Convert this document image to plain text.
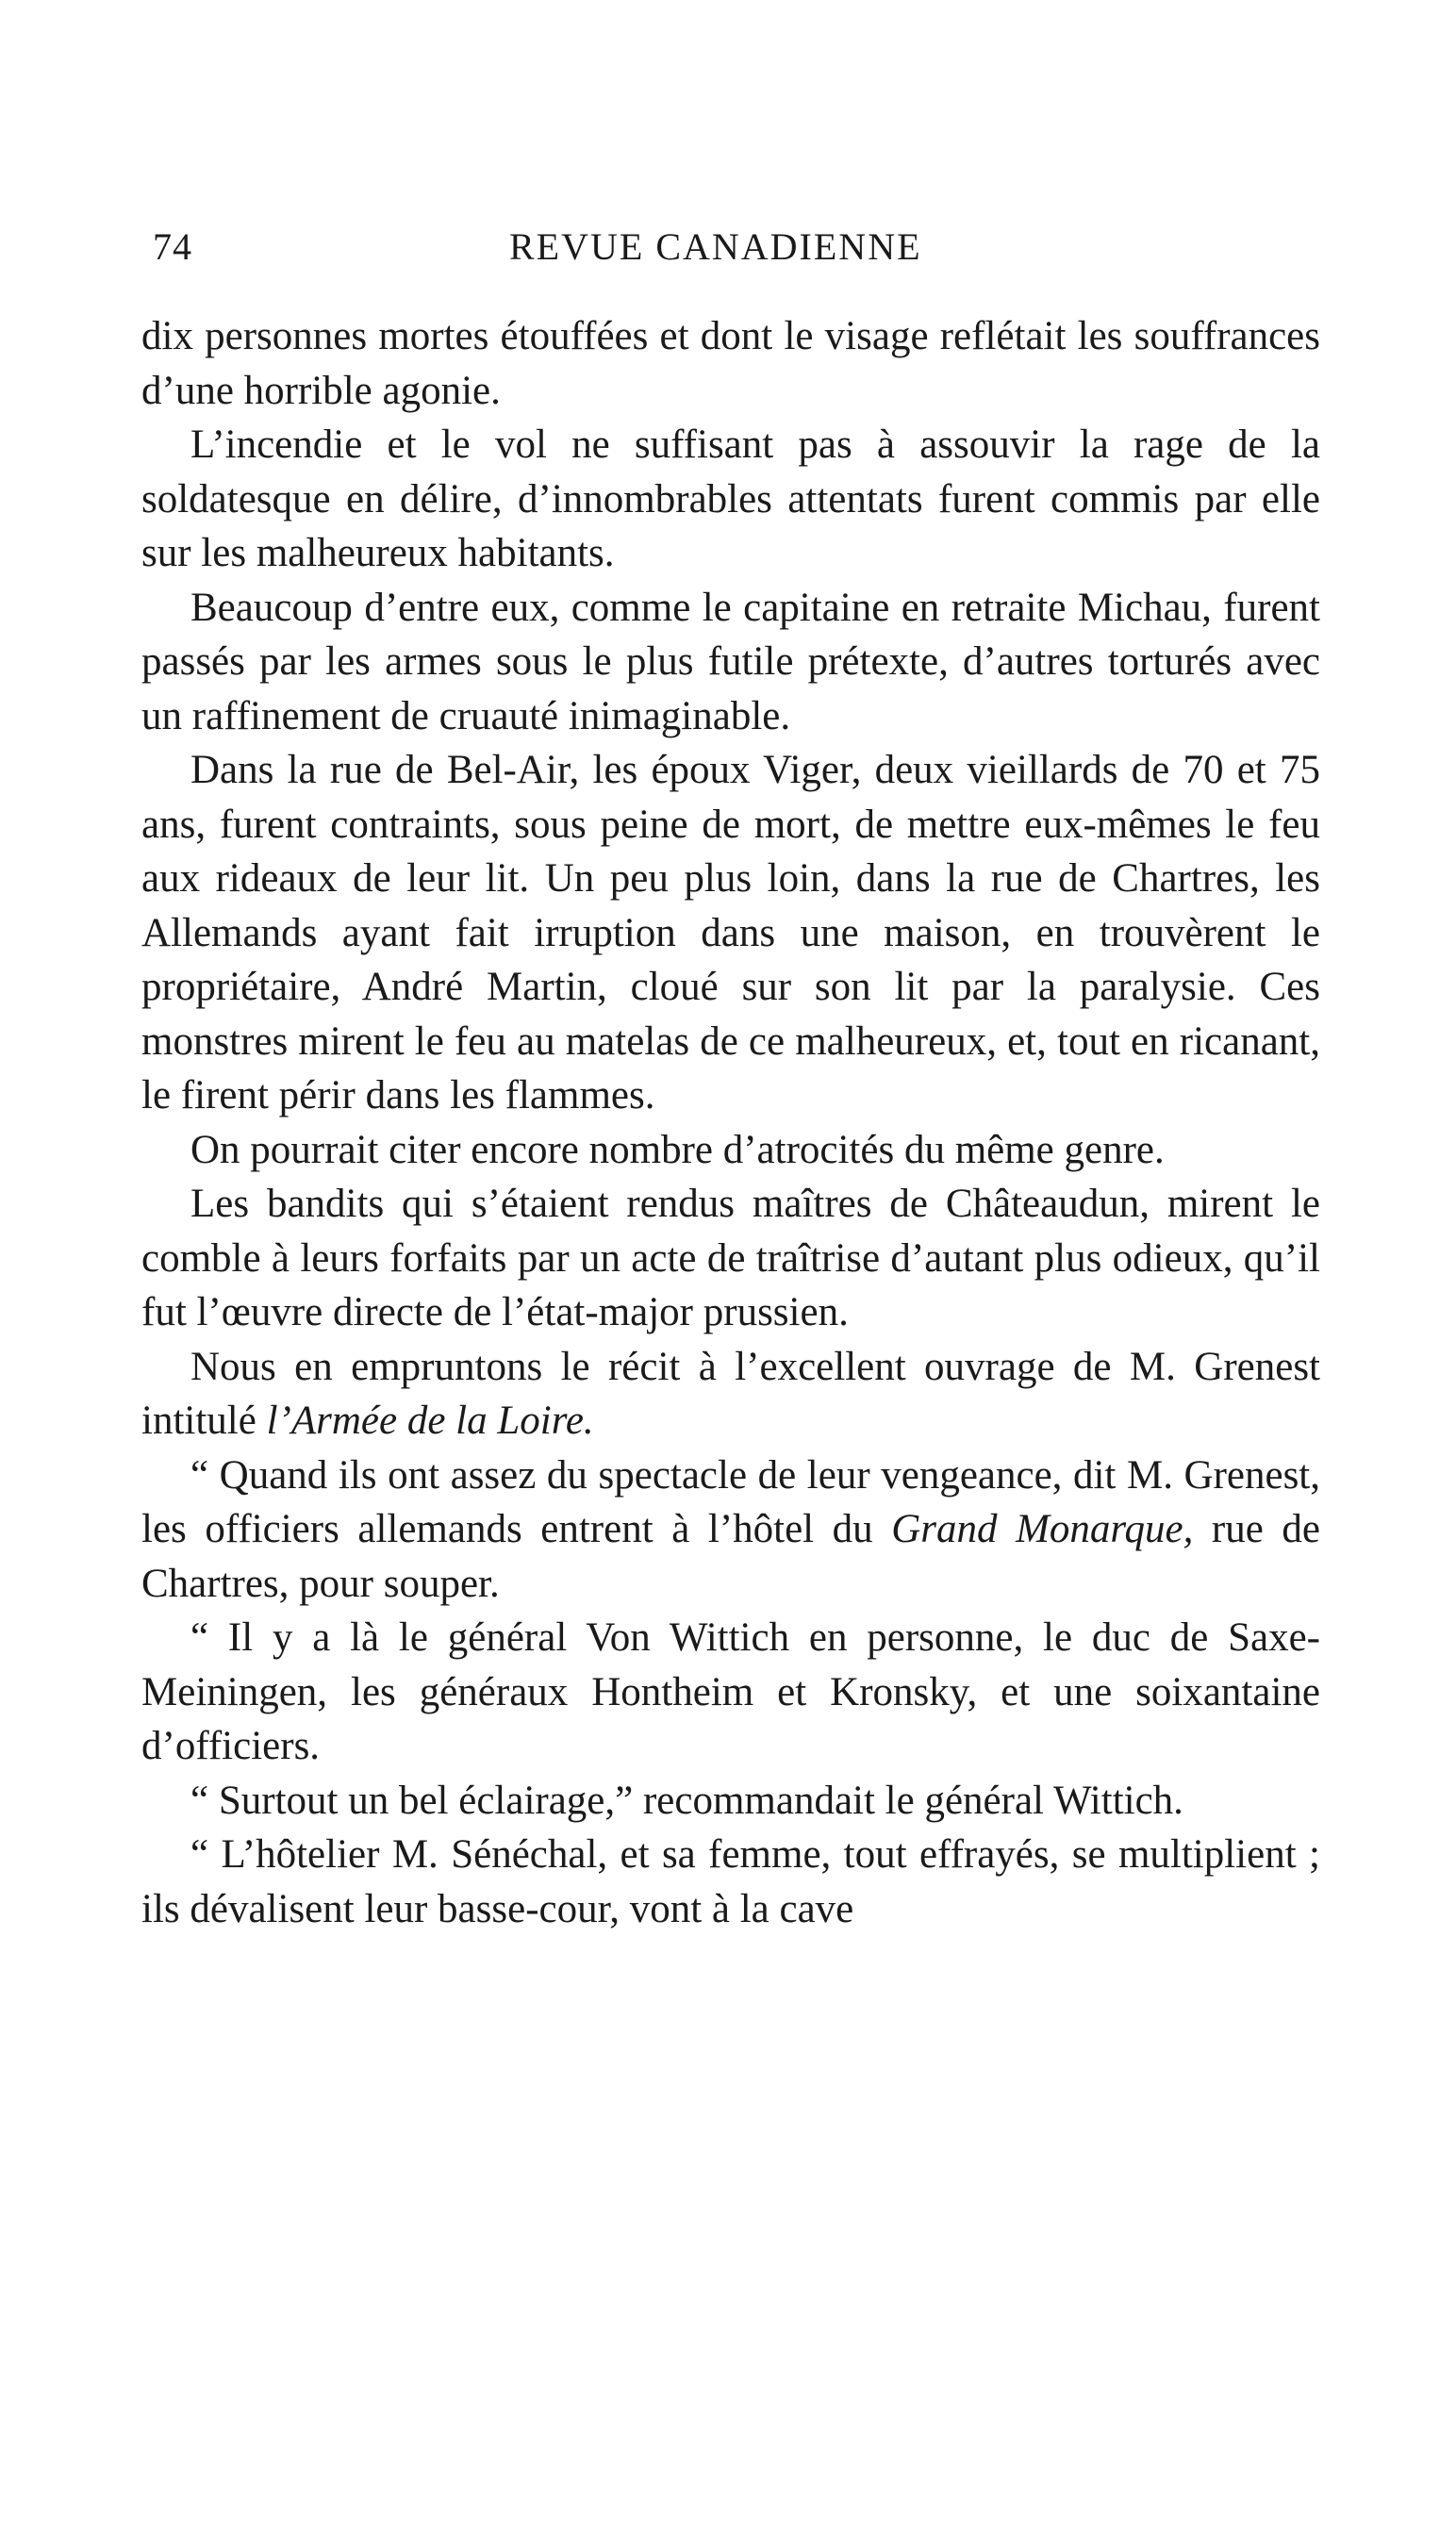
74	REVUE CANADIENNE

dix personnes mortes étouffées et dont le visage reflétait les souffrances d’une horrible agonie.

L’incendie et le vol ne suffisant pas à assouvir la rage de la soldatesque en délire, d’innombrables attentats furent commis par elle sur les malheureux habitants.

Beaucoup d’entre eux, comme le capitaine en retraite Michau, furent passés par les armes sous le plus futile prétexte, d’autres torturés avec un raffinement de cruauté inimaginable.

Dans la rue de Bel-Air, les époux Viger, deux vieillards de 70 et 75 ans, furent contraints, sous peine de mort, de mettre eux-mêmes le feu aux rideaux de leur lit. Un peu plus loin, dans la rue de Chartres, les Allemands ayant fait irruption dans une maison, en trouvèrent le propriétaire, André Martin, cloué sur son lit par la paralysie. Ces monstres mirent le feu au matelas de ce malheureux, et, tout en ricanant, le firent périr dans les flammes.

On pourrait citer encore nombre d’atrocités du même genre.

Les bandits qui s’étaient rendus maîtres de Châteaudun, mirent le comble à leurs forfaits par un acte de traîtrise d’autant plus odieux, qu’il fut l’œuvre directe de l’état-major prussien.

Nous en empruntons le récit à l’excellent ouvrage de M. Grenest intitulé l’Armée de la Loire.

“ Quand ils ont assez du spectacle de leur vengeance, dit M. Grenest, les officiers allemands entrent à l’hôtel du Grand Monarque, rue de Chartres, pour souper.

“ Il y a là le général Von Wittich en personne, le duc de Saxe-Meiningen, les généraux Hontheim et Kronsky, et une soixantaine d’officiers.

“ Surtout un bel éclairage,” recommandait le général Wittich.

“ L’hôtelier M. Sénéchal, et sa femme, tout effrayés, se multiplient ; ils dévalisent leur basse-cour, vont à la cave
